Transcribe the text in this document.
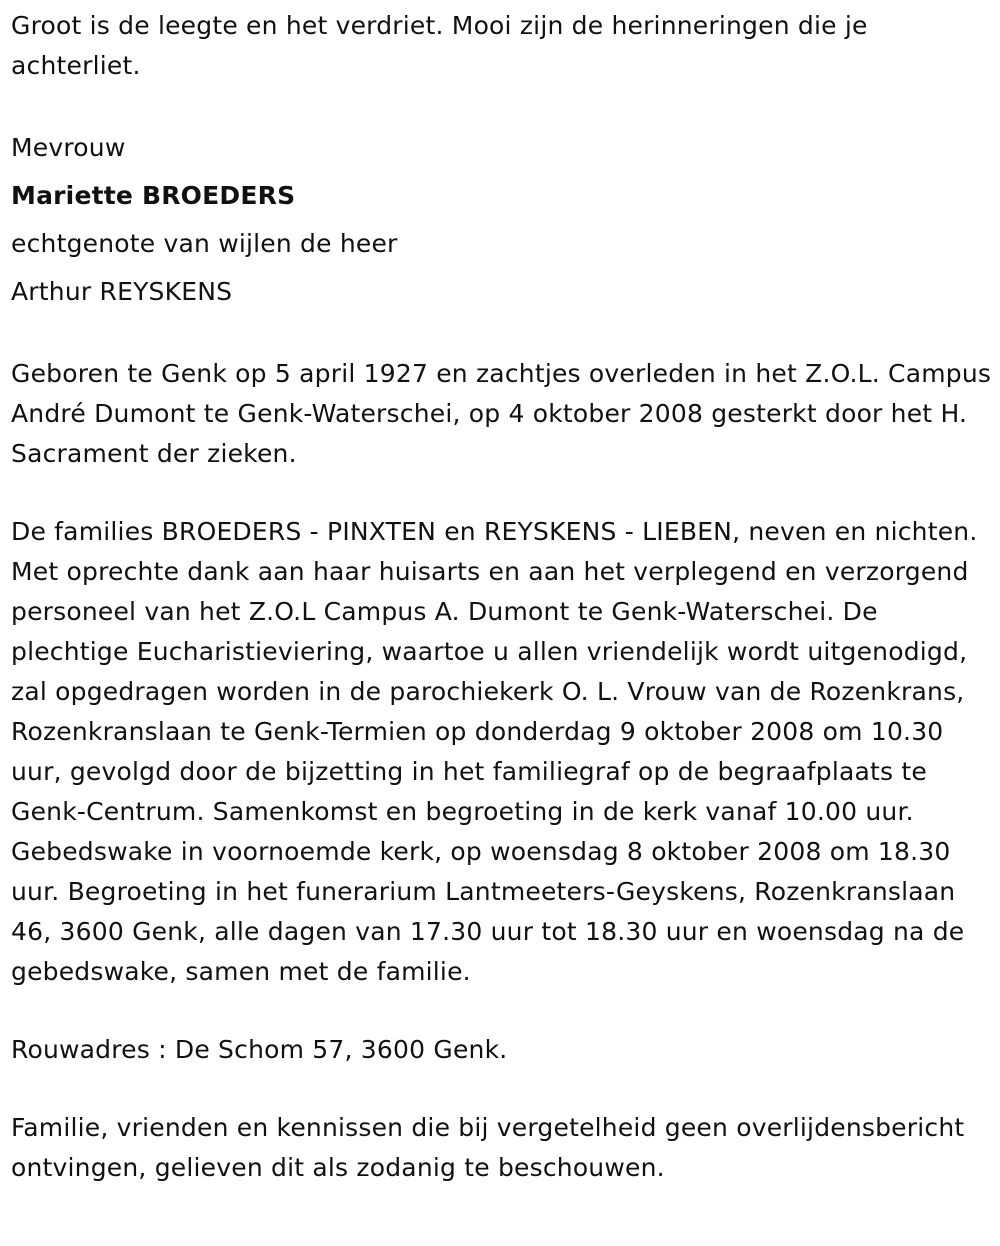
Groot is de leegte en het verdriet. Mooi zijn de herinneringen die je achterliet.

Mevrouw

Mariette BROEDERS

echtgenote van wijlen de heer

Arthur REYSKENS

Geboren te Genk op 5 april 1927 en zachtjes overleden in het Z.O.L. Campus André Dumont te Genk-Waterschei, op 4 oktober 2008 gesterkt door het H. Sacrament der zieken.

De families BROEDERS - PINXTEN en REYSKENS - LIEBEN, neven en nichten. Met oprechte dank aan haar huisarts en aan het verplegend en verzorgend personeel van het Z.O.L Campus A. Dumont te Genk-Waterschei. De plechtige Eucharistieviering, waartoe u allen vriendelijk wordt uitgenodigd, zal opgedragen worden in de parochiekerk O. L. Vrouw van de Rozenkrans, Rozenkranslaan te Genk-Termien op donderdag 9 oktober 2008 om 10.30 uur, gevolgd door de bijzetting in het familiegraf op de begraafplaats te Genk-Centrum. Samenkomst en begroeting in de kerk vanaf 10.00 uur. Gebedswake in voornoemde kerk, op woensdag 8 oktober 2008 om 18.30 uur. Begroeting in het funerarium Lantmeeters-Geyskens, Rozenkranslaan 46, 3600 Genk, alle dagen van 17.30 uur tot 18.30 uur en woensdag na de gebedswake, samen met de familie.

Rouwadres : De Schom 57, 3600 Genk.

Familie, vrienden en kennissen die bij vergetelheid geen overlijdensbericht ontvingen, gelieven dit als zodanig te beschouwen.
